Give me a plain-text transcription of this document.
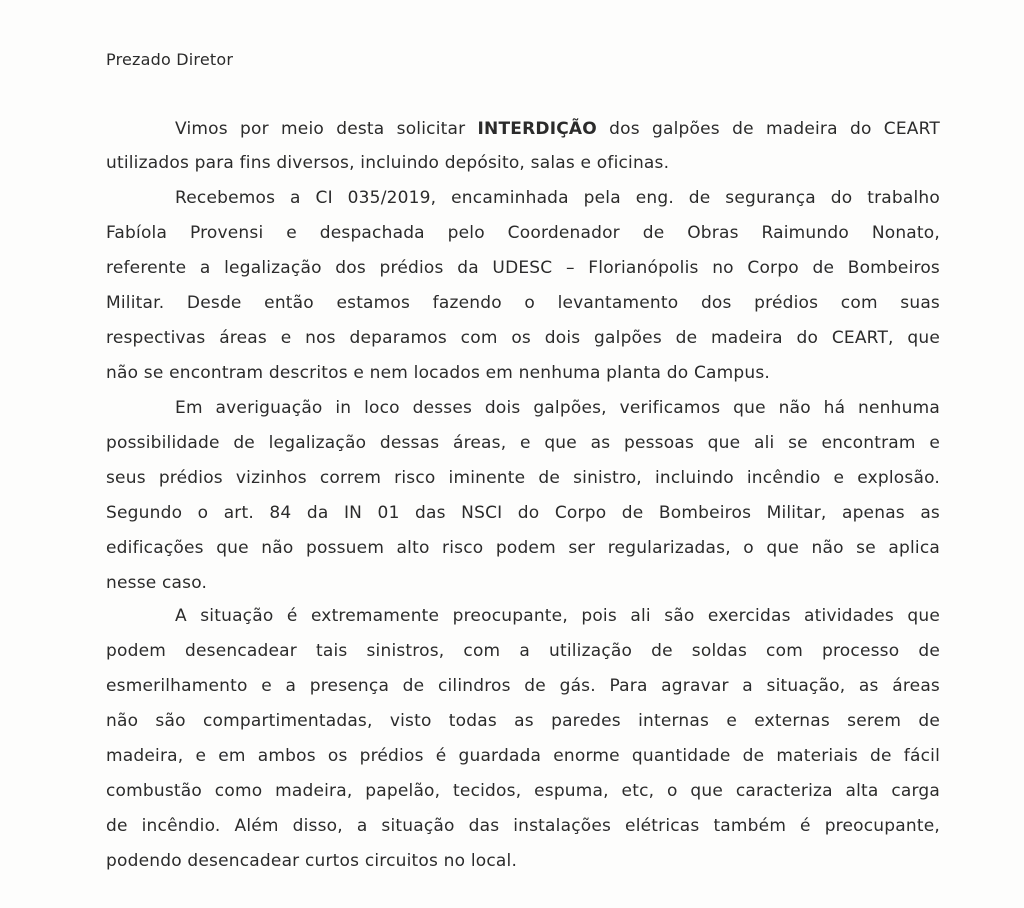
Prezado Diretor
Vimos por meio desta solicitar INTERDIÇÃO dos galpões de madeira do CEART
utilizados para fins diversos, incluindo depósito, salas e oficinas.
Recebemos a CI 035/2019, encaminhada pela eng. de segurança do trabalho
Fabíola Provensi e despachada pelo Coordenador de Obras Raimundo Nonato,
referente a legalização dos prédios da UDESC – Florianópolis no Corpo de Bombeiros
Militar. Desde então estamos fazendo o levantamento dos prédios com suas
respectivas áreas e nos deparamos com os dois galpões de madeira do CEART, que
não se encontram descritos e nem locados em nenhuma planta do Campus.
Em averiguação in loco desses dois galpões, verificamos que não há nenhuma
possibilidade de legalização dessas áreas, e que as pessoas que ali se encontram e
seus prédios vizinhos correm risco iminente de sinistro, incluindo incêndio e explosão.
Segundo o art. 84 da IN 01 das NSCI do Corpo de Bombeiros Militar, apenas as
edificações que não possuem alto risco podem ser regularizadas, o que não se aplica
nesse caso.
A situação é extremamente preocupante, pois ali são exercidas atividades que
podem desencadear tais sinistros, com a utilização de soldas com processo de
esmerilhamento e a presença de cilindros de gás. Para agravar a situação, as áreas
não são compartimentadas, visto todas as paredes internas e externas serem de
madeira, e em ambos os prédios é guardada enorme quantidade de materiais de fácil
combustão como madeira, papelão, tecidos, espuma, etc, o que caracteriza alta carga
de incêndio. Além disso, a situação das instalações elétricas também é preocupante,
podendo desencadear curtos circuitos no local.
